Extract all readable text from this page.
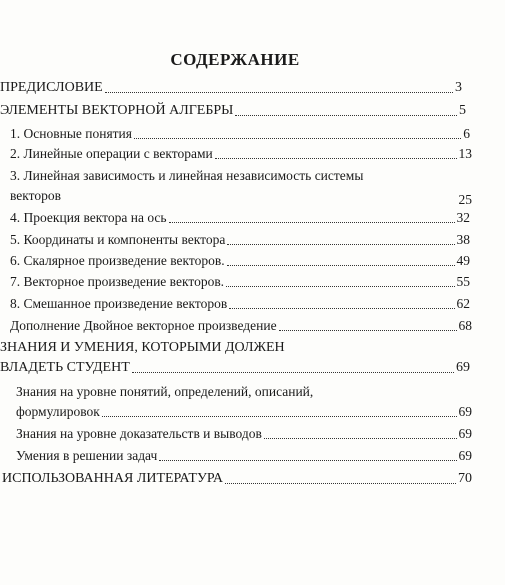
СОДЕРЖАНИЕ
ПРЕДИСЛОВИЕ	3
ЭЛЕМЕНТЫ ВЕКТОРНОЙ АЛГЕБРЫ	5
1. Основные понятия	6
2. Линейные операции с векторами	13
3. Линейная зависимость и линейная независимость системы
векторов	25
4. Проекция вектора на ось	32
5. Координаты и компоненты вектора	38
6. Скалярное произведение векторов.	49
7. Векторное произведение векторов.	55
8. Смешанное произведение векторов	62
Дополнение Двойное векторное произведение	68
ЗНАНИЯ И УМЕНИЯ, КОТОРЫМИ ДОЛЖЕН
ВЛАДЕТЬ СТУДЕНТ	69
Знания на уровне понятий, определений, описаний,
формулировок	69
Знания на уровне доказательств и выводов	69
Умения в решении задач	69
ИСПОЛЬЗОВАННАЯ ЛИТЕРАТУРА	70
